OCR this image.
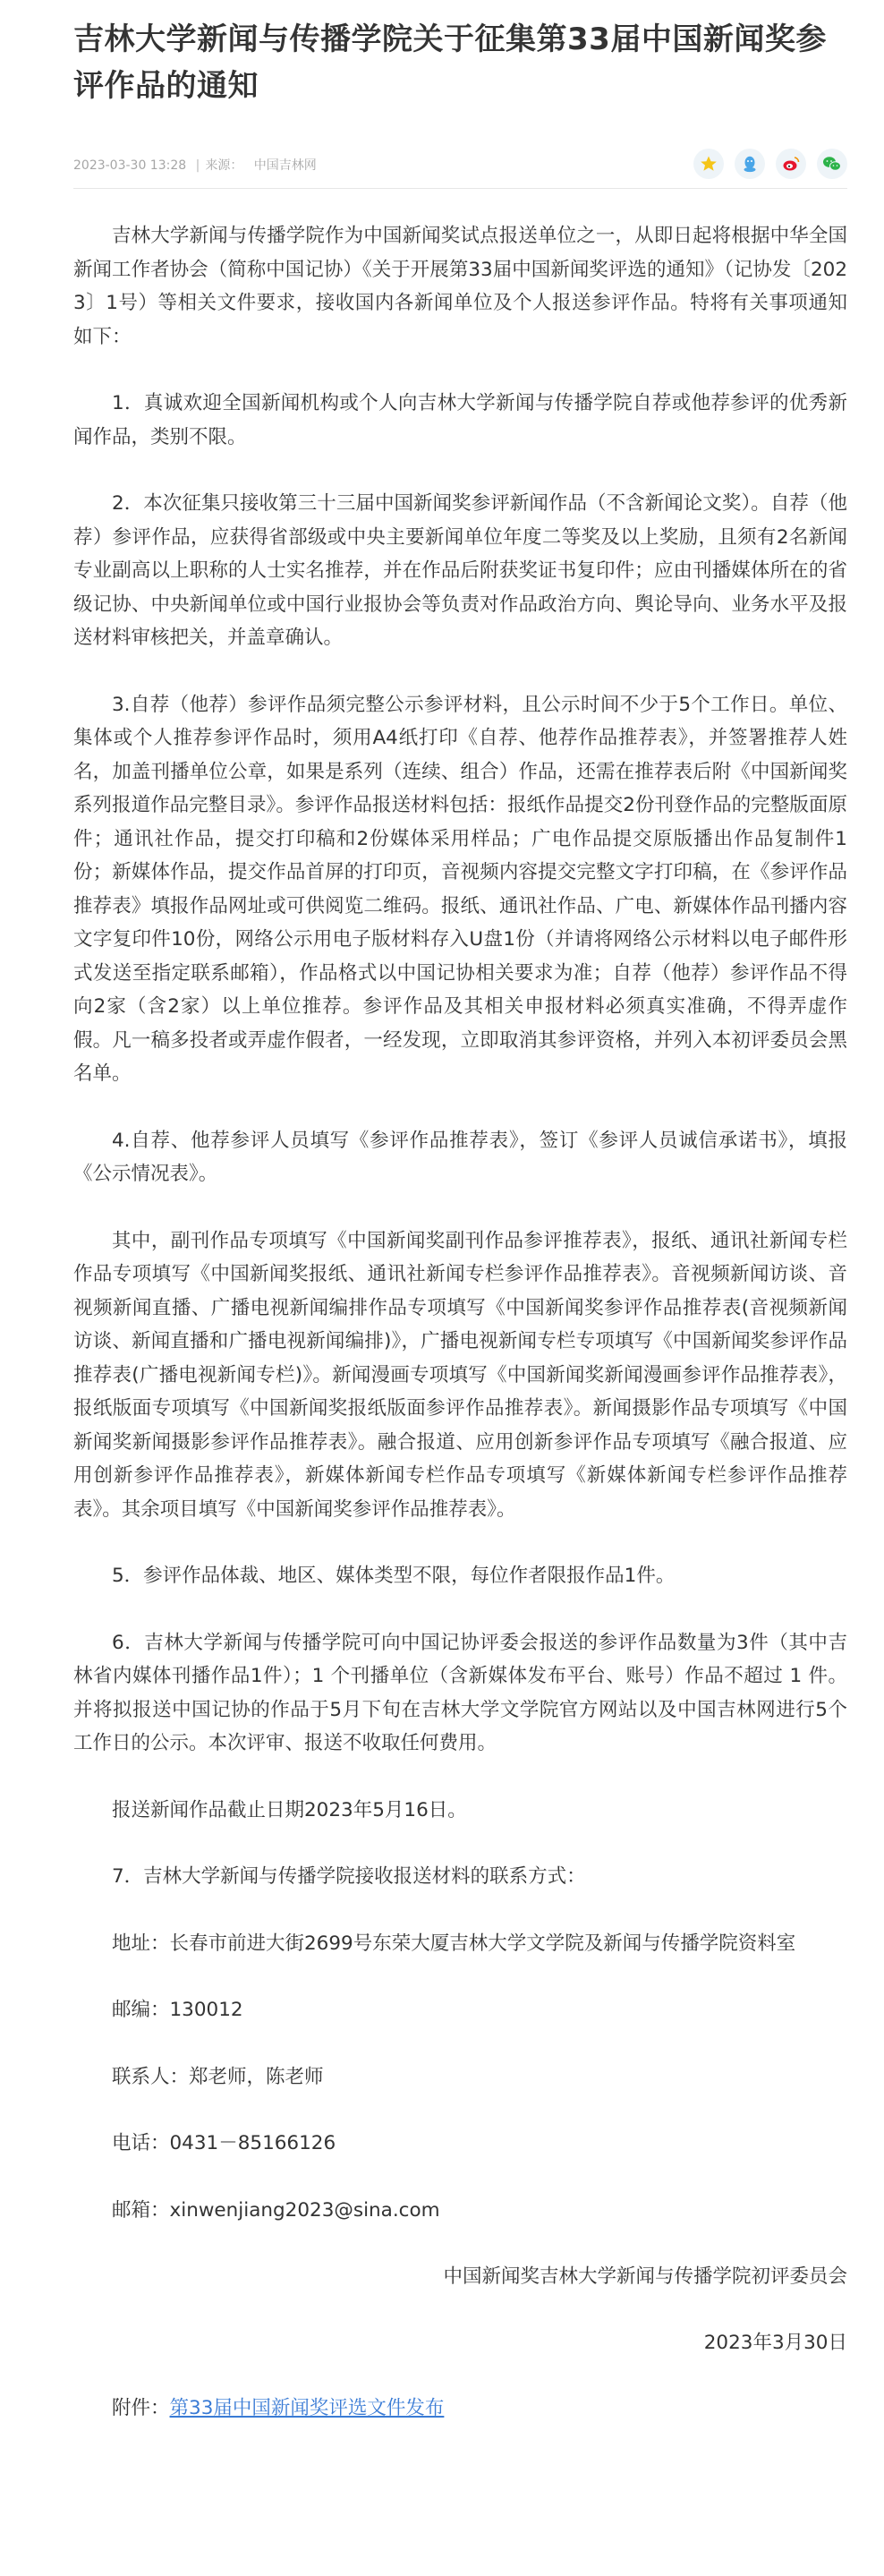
吉林大学新闻与传播学院关于征集第33届中国新闻奖参评作品的通知
2023-03-30 13:28 | 来源： 中国吉林网

吉林大学新闻与传播学院作为中国新闻奖试点报送单位之一，从即日起将根据中华全国新闻工作者协会（简称中国记协）《关于开展第33届中国新闻奖评选的通知》（记协发〔2023〕1号）等相关文件要求，接收国内各新闻单位及个人报送参评作品。特将有关事项通知如下：

1．真诚欢迎全国新闻机构或个人向吉林大学新闻与传播学院自荐或他荐参评的优秀新闻作品，类别不限。

2．本次征集只接收第三十三届中国新闻奖参评新闻作品（不含新闻论文奖）。自荐（他荐）参评作品，应获得省部级或中央主要新闻单位年度二等奖及以上奖励，且须有2名新闻专业副高以上职称的人士实名推荐，并在作品后附获奖证书复印件；应由刊播媒体所在的省级记协、中央新闻单位或中国行业报协会等负责对作品政治方向、舆论导向、业务水平及报送材料审核把关，并盖章确认。

3.自荐（他荐）参评作品须完整公示参评材料，且公示时间不少于5个工作日。单位、集体或个人推荐参评作品时，须用A4纸打印《自荐、他荐作品推荐表》，并签署推荐人姓名，加盖刊播单位公章，如果是系列（连续、组合）作品，还需在推荐表后附《中国新闻奖系列报道作品完整目录》。参评作品报送材料包括：报纸作品提交2份刊登作品的完整版面原件；通讯社作品，提交打印稿和2份媒体采用样品；广电作品提交原版播出作品复制件1份；新媒体作品，提交作品首屏的打印页，音视频内容提交完整文字打印稿，在《参评作品推荐表》填报作品网址或可供阅览二维码。报纸、通讯社作品、广电、新媒体作品刊播内容文字复印件10份，网络公示用电子版材料存入U盘1份（并请将网络公示材料以电子邮件形式发送至指定联系邮箱），作品格式以中国记协相关要求为准；自荐（他荐）参评作品不得向2家（含2家）以上单位推荐。参评作品及其相关申报材料必须真实准确，不得弄虚作假。凡一稿多投者或弄虚作假者，一经发现，立即取消其参评资格，并列入本初评委员会黑名单。

4.自荐、他荐参评人员填写《参评作品推荐表》，签订《参评人员诚信承诺书》，填报《公示情况表》。

其中，副刊作品专项填写《中国新闻奖副刊作品参评推荐表》，报纸、通讯社新闻专栏作品专项填写《中国新闻奖报纸、通讯社新闻专栏参评作品推荐表》。音视频新闻访谈、音视频新闻直播、广播电视新闻编排作品专项填写《中国新闻奖参评作品推荐表(音视频新闻访谈、新闻直播和广播电视新闻编排)》，广播电视新闻专栏专项填写《中国新闻奖参评作品推荐表(广播电视新闻专栏)》。新闻漫画专项填写《中国新闻奖新闻漫画参评作品推荐表》，报纸版面专项填写《中国新闻奖报纸版面参评作品推荐表》。新闻摄影作品专项填写《中国新闻奖新闻摄影参评作品推荐表》。融合报道、应用创新参评作品专项填写《融合报道、应用创新参评作品推荐表》，新媒体新闻专栏作品专项填写《新媒体新闻专栏参评作品推荐表》。其余项目填写《中国新闻奖参评作品推荐表》。

5．参评作品体裁、地区、媒体类型不限，每位作者限报作品1件。

6．吉林大学新闻与传播学院可向中国记协评委会报送的参评作品数量为3件（其中吉林省内媒体刊播作品1件）；1 个刊播单位（含新媒体发布平台、账号）作品不超过 1 件。并将拟报送中国记协的作品于5月下旬在吉林大学文学院官方网站以及中国吉林网进行5个工作日的公示。本次评审、报送不收取任何费用。

报送新闻作品截止日期2023年5月16日。

7．吉林大学新闻与传播学院接收报送材料的联系方式：

地址：长春市前进大街2699号东荣大厦吉林大学文学院及新闻与传播学院资料室

邮编：130012

联系人：郑老师，陈老师

电话：0431－85166126

邮箱：xinwenjiang2023@sina.com

中国新闻奖吉林大学新闻与传播学院初评委员会

2023年3月30日

附件：第33届中国新闻奖评选文件发布
